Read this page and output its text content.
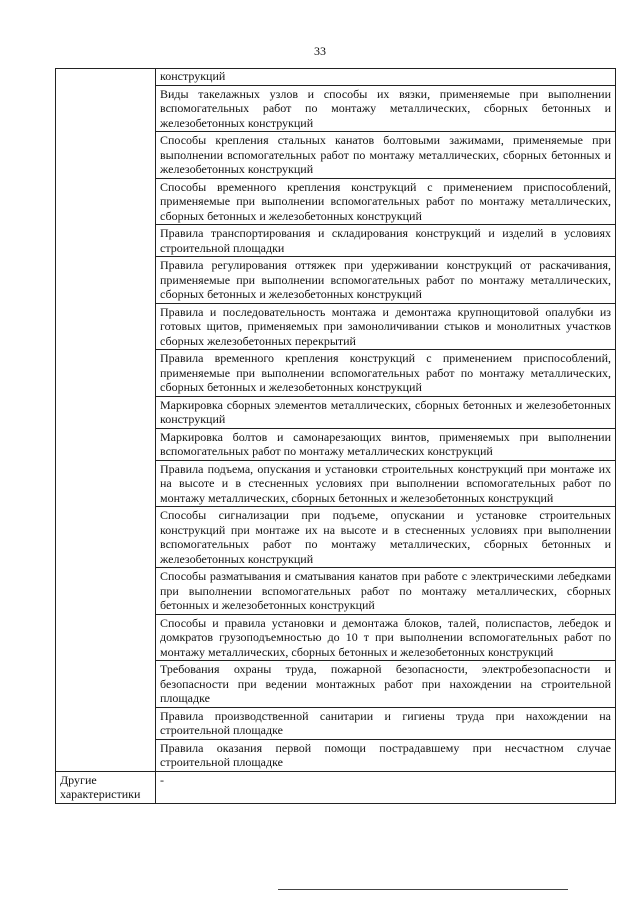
33
	конструкций
	Виды такелажных узлов и способы их вязки, применяемые при выполнении вспомогательных работ по монтажу металлических, сборных бетонных и железобетонных конструкций
	Способы крепления стальных канатов болтовыми зажимами, применяемые при выполнении вспомогательных работ по монтажу металлических, сборных бетонных и железобетонных конструкций
	Способы временного крепления конструкций с применением приспособлений, применяемые при выполнении вспомогательных работ по монтажу металлических, сборных бетонных и железобетонных конструкций
	Правила транспортирования и складирования конструкций и изделий в условиях строительной площадки
	Правила регулирования оттяжек при удерживании конструкций от раскачивания, применяемые при выполнении вспомогательных работ по монтажу металлических, сборных бетонных и железобетонных конструкций
	Правила и последовательность монтажа и демонтажа крупнощитовой опалубки из готовых щитов, применяемых при замоноличивании стыков и монолитных участков сборных железобетонных перекрытий
	Правила временного крепления конструкций с применением приспособлений, применяемые при выполнении вспомогательных работ по монтажу металлических, сборных бетонных и железобетонных конструкций
	Маркировка сборных элементов металлических, сборных бетонных и железобетонных конструкций
	Маркировка болтов и самонарезающих винтов, применяемых при выполнении вспомогательных работ по монтажу металлических конструкций
	Правила подъема, опускания и установки строительных конструкций при монтаже их на высоте и в стесненных условиях при выполнении вспомогательных работ по монтажу металлических, сборных бетонных и железобетонных конструкций
	Способы сигнализации при подъеме, опускании и установке строительных конструкций при монтаже их на высоте и в стесненных условиях при выполнении вспомогательных работ по монтажу металлических, сборных бетонных и железобетонных конструкций
	Способы разматывания и сматывания канатов при работе с электрическими лебедками при выполнении вспомогательных работ по монтажу металлических, сборных бетонных и железобетонных конструкций
	Способы и правила установки и демонтажа блоков, талей, полиспастов, лебедок и домкратов грузоподъемностью до 10 т при выполнении вспомогательных работ по монтажу металлических, сборных бетонных и железобетонных конструкций
	Требования охраны труда, пожарной безопасности, электробезопасности и безопасности при ведении монтажных работ при нахождении на строительной площадке
	Правила производственной санитарии и гигиены труда при нахождении на строительной площадке
	Правила оказания первой помощи пострадавшему при несчастном случае строительной площадке
Другие характеристики	-
